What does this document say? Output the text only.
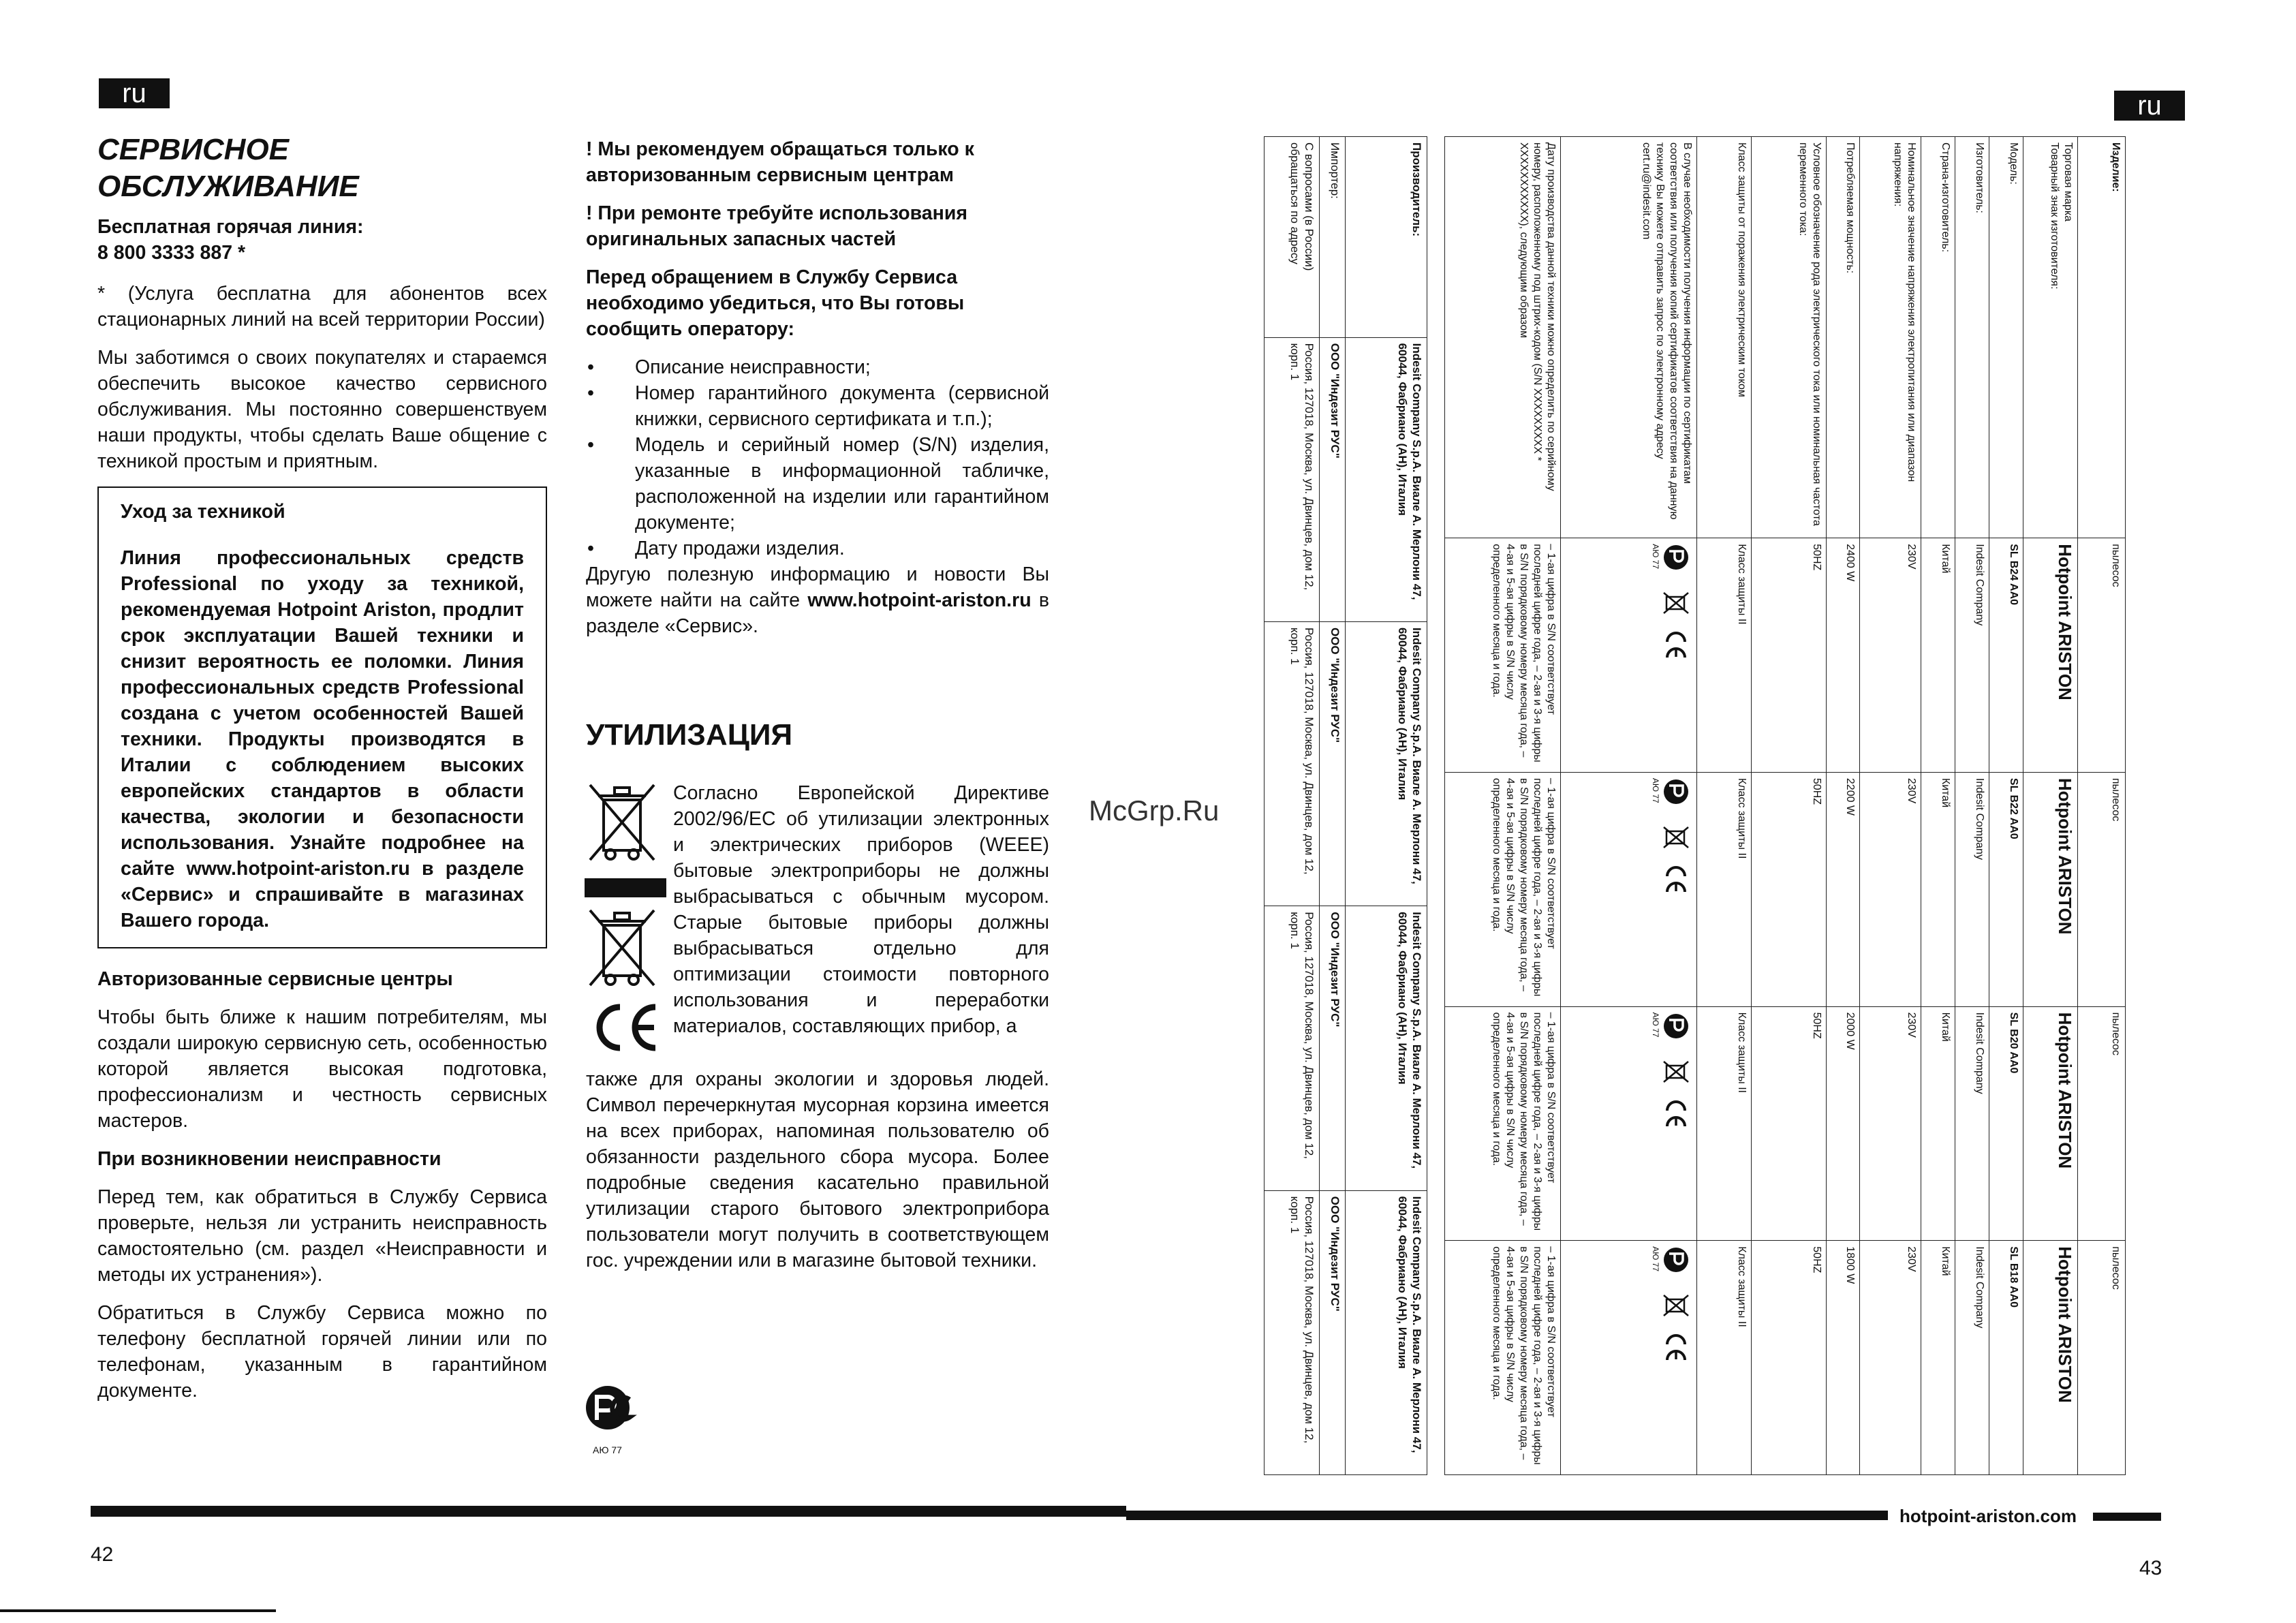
ru
СЕРВИСНОЕ ОБСЛУЖИВАНИЕ
Бесплатная горячая линия:
8 800 3333 887 *

* (Услуга бесплатна для абонентов всех стационарных линий на всей территории России)

Мы заботимся о своих покупателях и стараемся обеспечить высокое качество сервисного обслуживания. Мы постоянно совершенствуем наши продукты, чтобы сделать Ваше общение с техникой простым и приятным.

Уход за техникой
Линия профессиональных средств Professional по уходу за техникой, рекомендуемая Hotpoint Ariston, продлит срок эксплуатации Вашей техники и снизит вероятность ее поломки. Линия профессиональных средств Professional создана с учетом особенностей Вашей техники. Продукты производятся в Италии с соблюдением высоких европейских стандартов в области качества, экологии и безопасности использования. Узнайте подробнее на сайте www.hotpoint-ariston.ru в разделе «Сервис» и спрашивайте в магазинах Вашего города.

Авторизованные сервисные центры

Чтобы быть ближе к нашим потребителям, мы создали широкую сервисную сеть, особенностью которой является высокая подготовка, профессионализм и честность сервисных мастеров.

При возникновении неисправности

Перед тем, как обратиться в Службу Сервиса проверьте, нельзя ли устранить неисправность самостоятельно (см. раздел «Неисправности и методы их устранения»).

Обратиться в Службу Сервиса можно по телефону бесплатной горячей линии или по телефонам, указанным в гарантийном документе.

! Мы рекомендуем обращаться только к авторизованным сервисным центрам

! При ремонте требуйте использования оригинальных запасных частей

Перед обращением в Службу Сервиса необходимо убедиться, что Вы готовы сообщить оператору:

• Описание неисправности;
• Номер гарантийного документа (сервисной книжки, сервисного сертификата и т.п.);
• Модель и серийный номер (S/N) изделия, указанные в информационной табличке, расположенной на изделии или гарантийном документе;
• Дату продажи изделия.

Другую полезную информацию и новости Вы можете найти на сайте www.hotpoint-ariston.ru в разделе «Сервис».

УТИЛИЗАЦИЯ
Согласно Европейской Директиве 2002/96/ЕС об утилизации электронных и электрических приборов (WEEE) бытовые электроприборы не должны выбрасываться с обычным мусором. Старые бытовые приборы должны выбрасываться отдельно для оптимизации стоимости повторного использования и переработки материалов, составляющих прибор, а
также для охраны экологии и здоровья людей. Символ перечеркнутая мусорная корзина имеется на всех приборах, напоминая пользователю об обязанности раздельного сбора мусора. Более подробные сведения касательно правильной утилизации старого бытового электроприбора пользователи могут получить в соответствующем гос. учреждении или в магазине бытовой техники.
АЮ 77
42
McGrp.Ru
ru
Изделие:	пылесос	пылесос	пылесос	пылесос

Торговая марка
Товарный знак изготовителя:	Hotpoint ARISTON	Hotpoint ARISTON	Hotpoint ARISTON	Hotpoint ARISTON
Модель:	SL B24 AA0	SL B22 AA0	SL B20 AA0	SL B18 AA0
Изготовитель:	Indesit Company	Indesit Company	Indesit Company	Indesit Company
Страна-изготовитель:	Китай	Китай	Китай	Китай
Номинальное значение напряжения электропитания или диапазон напряжения:	230V	230V	230V	230V
Потребляемая мощность:	2400 W	2200 W	2000 W	1800 W
Условное обозначение рода электрического тока или номинальная частота переменного тока:	50HZ	50HZ	50HZ	50HZ
Класс защиты от поражения электрическим током	Класс защиты II	Класс защиты II	Класс защиты II	Класс защиты II
В случае необходимости получения информации по сертификатам соответствия или получения копий сертификатов соответствия на данную технику Вы можете отправить запрос по электронному адресу cert.ru@indesit.com	АЮ 77	АЮ 77	АЮ 77	АЮ 77

Дату производства данной техники можно определить по серийному номеру, расположенному под штрих-кодом (S/N XXXXXXXXX * XXXXXXXXXXX), следующим образом	– 1-ая цифра в S/N соответствует последней цифре года, – 2-ая и 3-я цифры в S/N порядковому номеру месяца года, – 4-ая и 5-ая цифры в S/N числу определенного месяца и года.	– 1-ая цифра в S/N соответствует последней цифре года, – 2-ая и 3-я цифры в S/N порядковому номеру месяца года, – 4-ая и 5-ая цифры в S/N числу определенного месяца и года.	– 1-ая цифра в S/N соответствует последней цифре года, – 2-ая и 3-я цифры в S/N порядковому номеру месяца года, – 4-ая и 5-ая цифры в S/N числу определенного месяца и года.	– 1-ая цифра в S/N соответствует последней цифре года, – 2-ая и 3-я цифры в S/N порядковому номеру месяца года, – 4-ая и 5-ая цифры в S/N числу определенного месяца и года.
Производитель:	Indesit Company S.p.A. Виале А. Мерлони 47, 60044, Фабриано (АН), Италия	Indesit Company S.p.A. Виале А. Мерлони 47, 60044, Фабриано (АН), Италия	Indesit Company S.p.A. Виале А. Мерлони 47, 60044, Фабриано (АН), Италия	Indesit Company S.p.A. Виале А. Мерлони 47, 60044, Фабриано (АН), Италия
Импортер:	ООО "Индезит РУС"	ООО "Индезит РУС"	ООО "Индезит РУС"	ООО "Индезит РУС"
С вопросами (в России) обращаться по адресу	Россия, 127018, Москва, ул. Двинцев, дом 12, корп. 1	Россия, 127018, Москва, ул. Двинцев, дом 12, корп. 1	Россия, 127018, Москва, ул. Двинцев, дом 12, корп. 1	Россия, 127018, Москва, ул. Двинцев, дом 12, корп. 1
hotpoint-ariston.com
43
